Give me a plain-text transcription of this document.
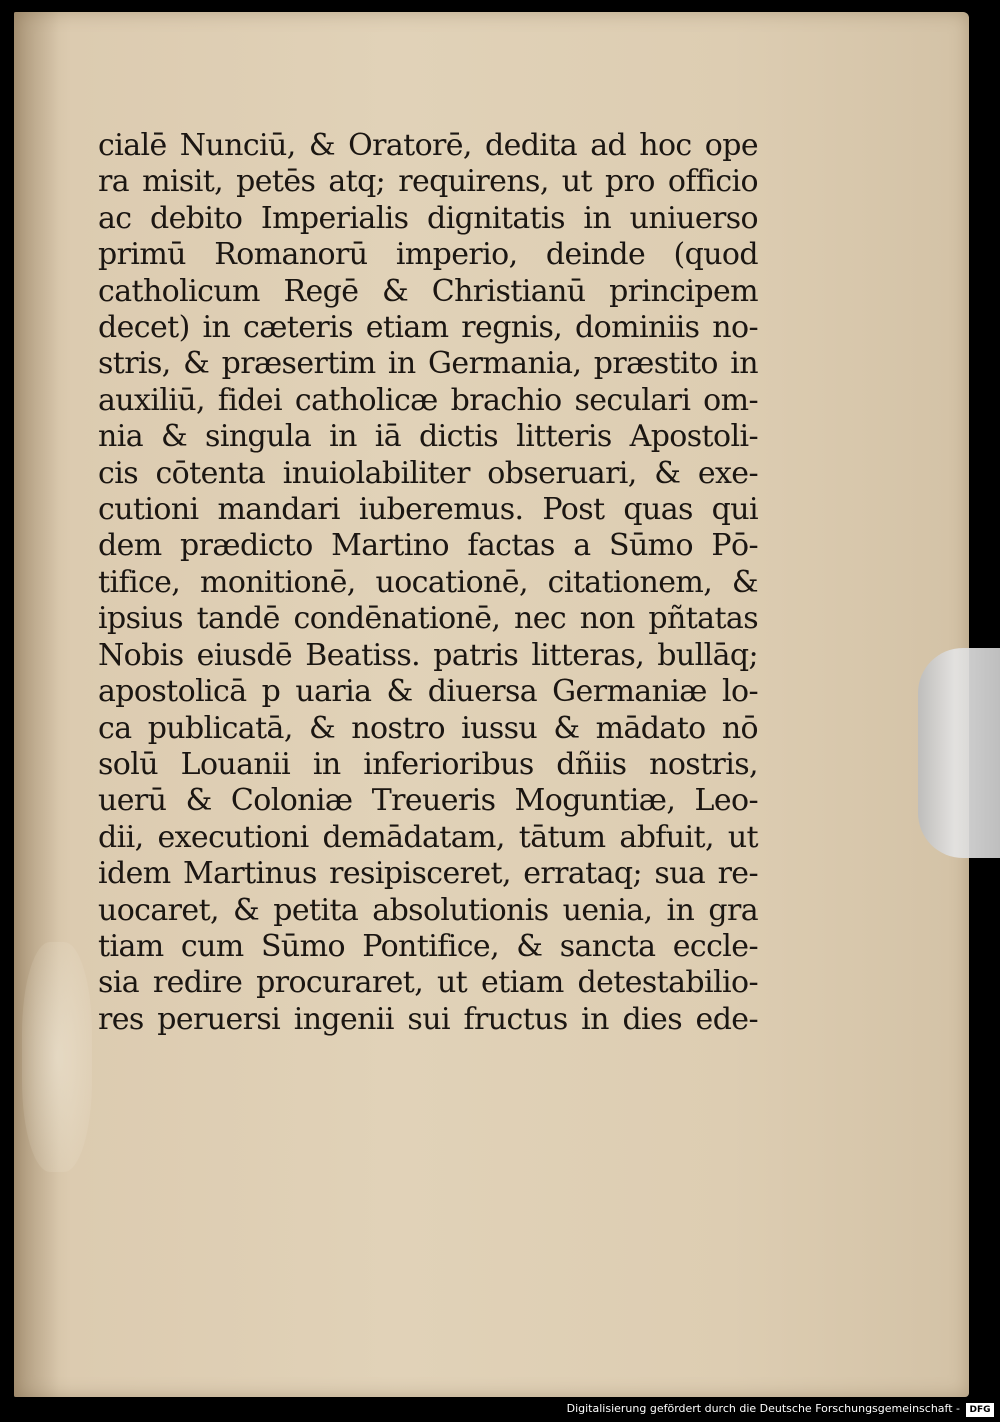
cialē Nunciū, & Oratorē, dedita ad hoc ope
ra misit, petēs atq; requirens, ut pro officio
ac debito Imperialis dignitatis in uniuerso
primū Romanorū imperio, deinde (quod
catholicum Regē & Christianū principem
decet) in cæteris etiam regnis, dominiis no-
stris, & præsertim in Germania, præstito in
auxiliū, fidei catholicæ brachio seculari om-
nia & singula in iā dictis litteris Apostoli-
cis cōtenta inuiolabiliter obseruari, & exe-
cutioni mandari iuberemus. Post quas qui
dem prædicto Martino factas a Sūmo Pō-
tifice, monitionē, uocationē, citationem, &
ipsius tandē condēnationē, nec non pñtatas
Nobis eiusdē Beatiss. patris litteras, bullāq;
apostolicā p uaria & diuersa Germaniæ lo-
ca publicatā, & nostro iussu & mādato nō
solū Louanii in inferioribus dñiis nostris,
uerū & Coloniæ Treueris Moguntiæ, Leo-
dii, executioni demādatam, tātum abfuit, ut
idem Martinus resipisceret, errataq; sua re-
uocaret, & petita absolutionis uenia, in gra
tiam cum Sūmo Pontifice, & sancta eccle-
sia redire procuraret, ut etiam detestabilio-
res peruersi ingenii sui fructus in dies ede-
Digitalisierung gefördert durch die Deutsche Forschungsgemeinschaft -	DFG
